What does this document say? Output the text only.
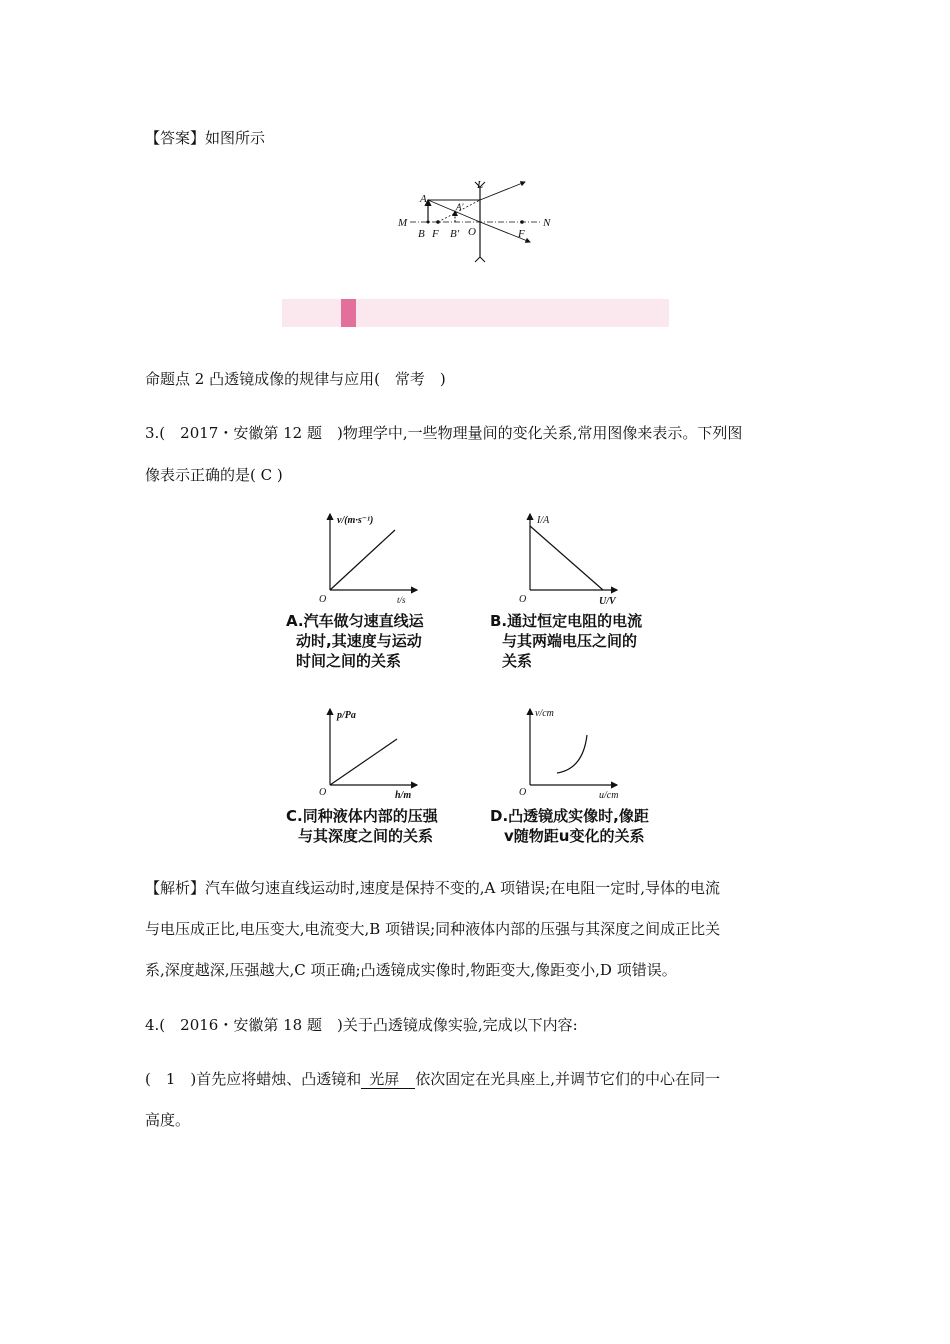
【答案】如图所示
A
A'
L
M
B F B' O	F
N
命题点 2 凸透镜成像的规律与应用(　常考　)
3.(　2017・安徽第 12 题　)物理学中,一些物理量间的变化关系,常用图像来表示。下列图
像表示正确的是( C )
v/(m·s⁻¹)
t/s
O
A.汽车做匀速直线运
动时,其速度与运动
时间之间的关系
I/A
U/V
O
B.通过恒定电阻的电流
与其两端电压之间的
关系
p/Pa
h/m
O
C.同种液体内部的压强
与其深度之间的关系
v/cm
u/cm
O
D.凸透镜成实像时,像距
v随物距u变化的关系
【解析】汽车做匀速直线运动时,速度是保持不变的,A 项错误;在电阻一定时,导体的电流
与电压成正比,电压变大,电流变大,B 项错误;同种液体内部的压强与其深度之间成正比关
系,深度越深,压强越大,C 项正确;凸透镜成实像时,物距变大,像距变小,D 项错误。
4.(　2016・安徽第 18 题　)关于凸透镜成像实验,完成以下内容:
(　1　)首先应将蜡烛、凸透镜和 光屏 依次固定在光具座上,并调节它们的中心在同一
高度。
